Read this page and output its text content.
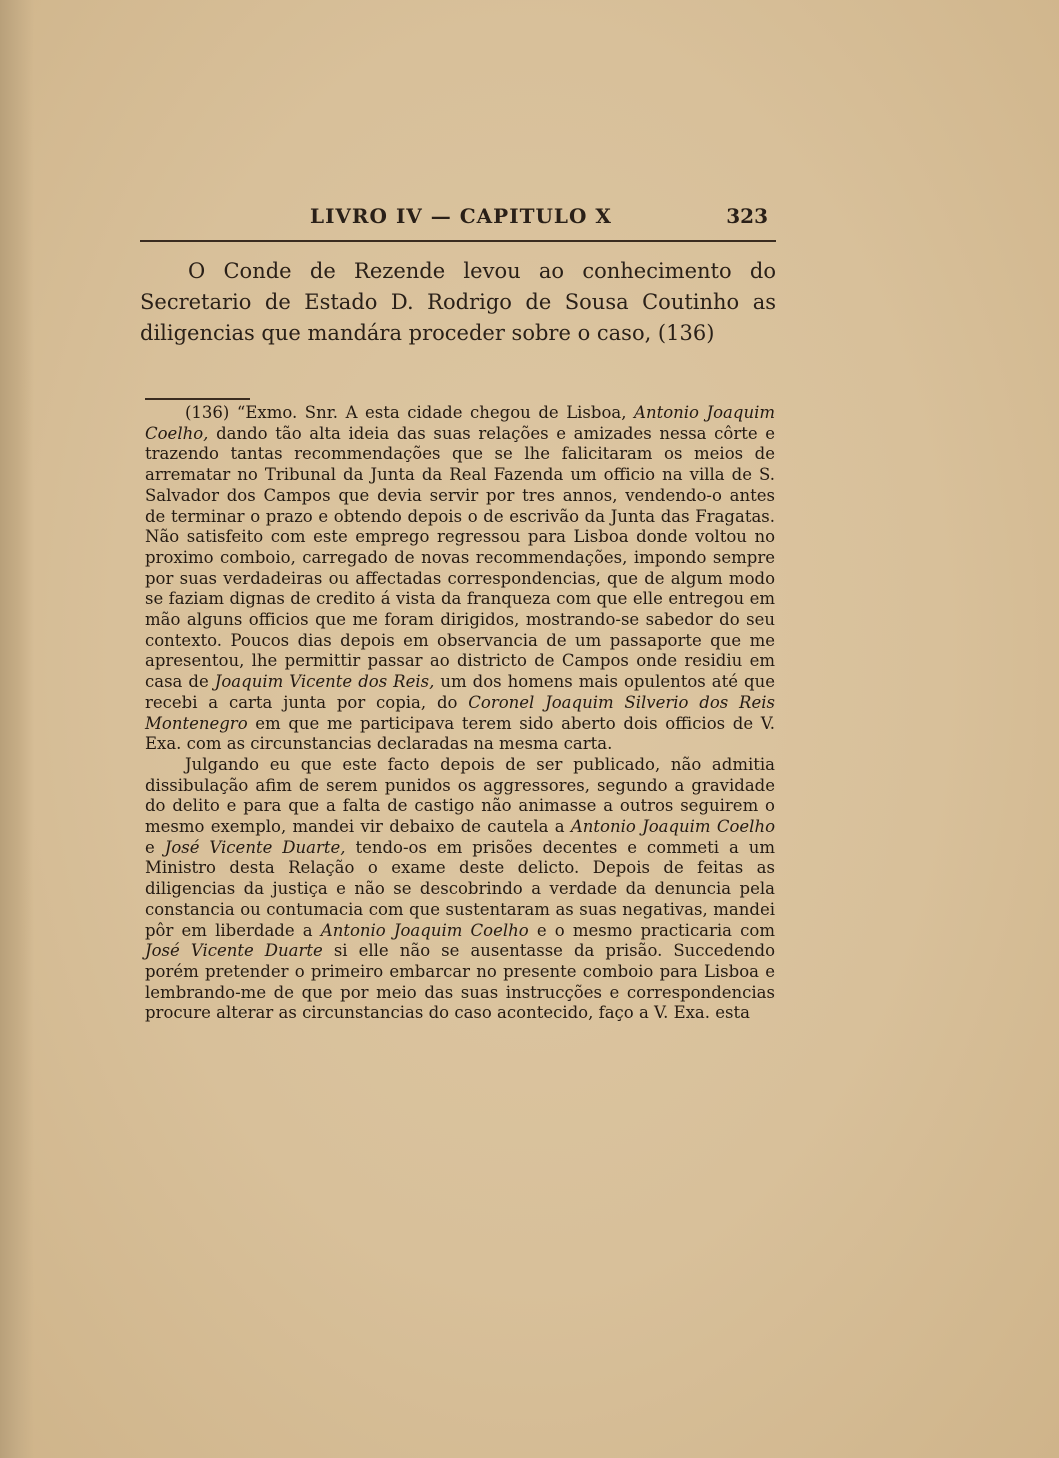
LIVRO IV — CAPITULO X	323

O Conde de Rezende levou ao conhecimento do Secretario de Estado D. Rodrigo de Sousa Coutinho as diligencias que mandára proceder sobre o caso, (136)

(136) “Exmo. Snr. A esta cidade chegou de Lisboa, Antonio Joaquim Coelho, dando tão alta ideia das suas relações e amizades nessa côrte e trazendo tantas recommendações que se lhe falicitaram os meios de arrematar no Tribunal da Junta da Real Fazenda um officio na villa de S. Salvador dos Campos que devia servir por tres annos, vendendo-o antes de terminar o prazo e obtendo depois o de escrivão da Junta das Fragatas. Não satisfeito com este emprego regressou para Lisboa donde voltou no proximo comboio, carregado de novas recommendações, impondo sempre por suas verdadeiras ou affectadas correspondencias, que de algum modo se faziam dignas de credito á vista da franqueza com que elle entregou em mão alguns officios que me foram dirigidos, mostrando-se sabedor do seu contexto. Poucos dias depois em observancia de um passaporte que me apresentou, lhe permittir passar ao districto de Campos onde residiu em casa de Joaquim Vicente dos Reis, um dos homens mais opulentos até que recebi a carta junta por copia, do Coronel Joaquim Silverio dos Reis Montenegro em que me participava terem sido aberto dois officios de V. Exa. com as circunstancias declaradas na mesma carta.

Julgando eu que este facto depois de ser publicado, não admitia dissibulação afim de serem punidos os aggressores, segundo a gravidade do delito e para que a falta de castigo não animasse a outros seguirem o mesmo exemplo, mandei vir debaixo de cautela a Antonio Joaquim Coelho e José Vicente Duarte, tendo-os em prisões decentes e commeti a um Ministro desta Relação o exame deste delicto. Depois de feitas as diligencias da justiça e não se descobrindo a verdade da denuncia pela constancia ou contumacia com que sustentaram as suas negativas, mandei pôr em liberdade a Antonio Joaquim Coelho e o mesmo practicaria com José Vicente Duarte si elle não se ausentasse da prisão. Succedendo porém pretender o primeiro embarcar no presente comboio para Lisboa e lembrando-me de que por meio das suas instrucções e correspondencias procure alterar as circunstancias do caso acontecido, faço a V. Exa. esta
